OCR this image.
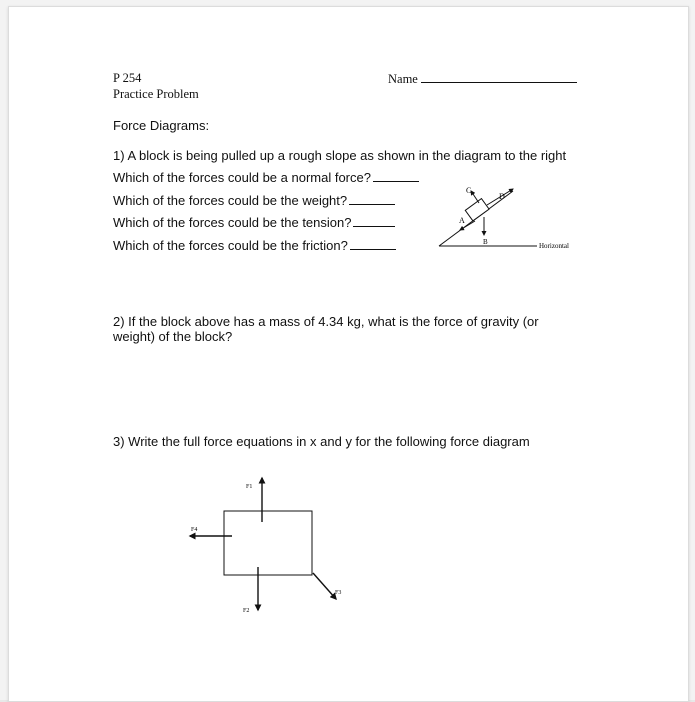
P 254
Practice Problem
Name
Force Diagrams:
1) A block is being pulled up a rough slope as shown in the diagram to the right
Which of the forces could be a normal force?
Which of the forces could be the weight?
Which of the forces could be the tension?
Which of the forces could be the friction?
C
D
A
B	Horizontal
2) If the block above has a mass of 4.34 kg, what is the force of gravity (or
weight) of the block?
3) Write the full force equations in x and y for the following force diagram
F1
F2
F3
F4
